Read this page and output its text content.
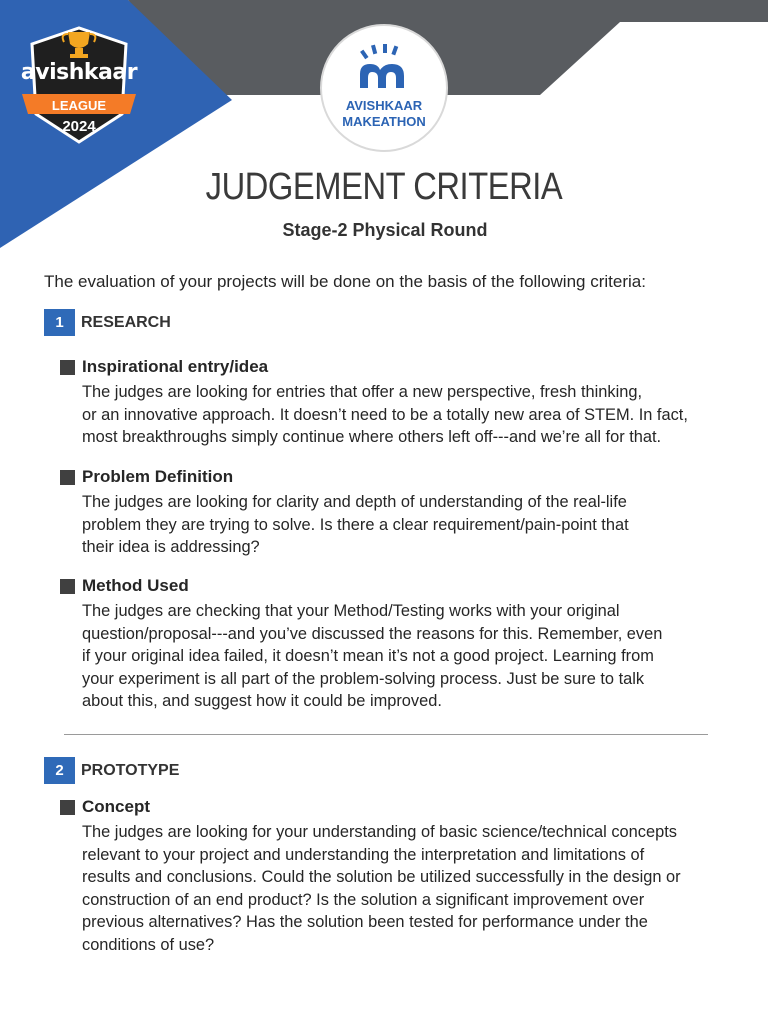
avishkaar
LEAGUE
2024
AVISHKAAR
MAKEATHON
JUDGEMENT CRITERIA
Stage-2 Physical Round
The evaluation of your projects will be done on the basis of the following criteria:
1	RESEARCH
Inspirational entry/idea
The judges are looking for entries that offer a new perspective, fresh thinking,
or an innovative approach. It doesn’t need to be a totally new area of STEM. In fact,
most breakthroughs simply continue where others left off---and we’re all for that.
Problem Definition
The judges are looking for clarity and depth of understanding of the real-life
problem they are trying to solve. Is there a clear requirement/pain-point that
their idea is addressing?
Method Used
The judges are checking that your Method/Testing works with your original
question/proposal---and you’ve discussed the reasons for this. Remember, even
if your original idea failed, it doesn’t mean it’s not a good project. Learning from
your experiment is all part of the problem-solving process. Just be sure to talk
about this, and suggest how it could be improved.
2	PROTOTYPE
Concept
The judges are looking for your understanding of basic science/technical concepts
relevant to your project and understanding the interpretation and limitations of
results and conclusions. Could the solution be utilized successfully in the design or
construction of an end product? Is the solution a significant improvement over
previous alternatives? Has the solution been tested for performance under the
conditions of use?
